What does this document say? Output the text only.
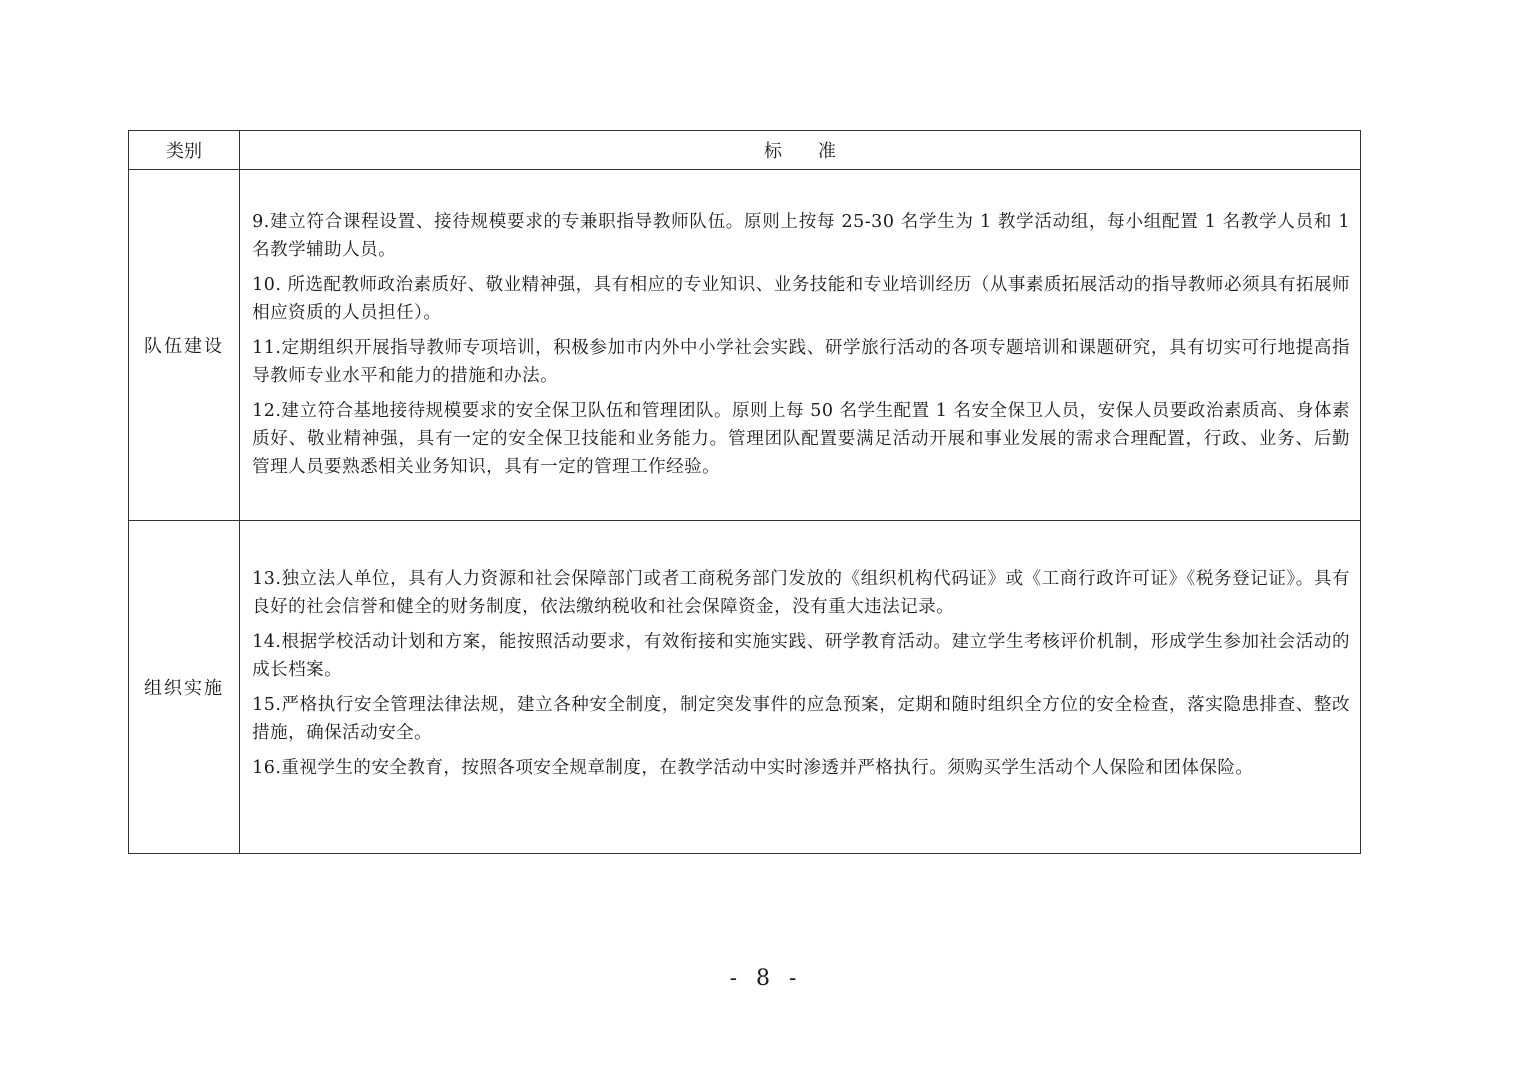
类别	标　　准
队伍建设	9.建立符合课程设置、接待规模要求的专兼职指导教师队伍。原则上按每 25-30 名学生为 1 教学活动组，每小组配置 1 名教学人员和 1 名教学辅助人员。

10. 所选配教师政治素质好、敬业精神强，具有相应的专业知识、业务技能和专业培训经历（从事素质拓展活动的指导教师必须具有拓展师相应资质的人员担任）。

11.定期组织开展指导教师专项培训，积极参加市内外中小学社会实践、研学旅行活动的各项专题培训和课题研究，具有切实可行地提高指导教师专业水平和能力的措施和办法。

12.建立符合基地接待规模要求的安全保卫队伍和管理团队。原则上每 50 名学生配置 1 名安全保卫人员，安保人员要政治素质高、身体素质好、敬业精神强，具有一定的安全保卫技能和业务能力。管理团队配置要满足活动开展和事业发展的需求合理配置，行政、业务、后勤管理人员要熟悉相关业务知识，具有一定的管理工作经验。

组织实施	13.独立法人单位，具有人力资源和社会保障部门或者工商税务部门发放的《组织机构代码证》或《工商行政许可证》《税务登记证》。具有良好的社会信誉和健全的财务制度，依法缴纳税收和社会保障资金，没有重大违法记录。

14.根据学校活动计划和方案，能按照活动要求，有效衔接和实施实践、研学教育活动。建立学生考核评价机制，形成学生参加社会活动的成长档案。

15.严格执行安全管理法律法规，建立各种安全制度，制定突发事件的应急预案，定期和随时组织全方位的安全检查，落实隐患排查、整改措施，确保活动安全。

16.重视学生的安全教育，按照各项安全规章制度，在教学活动中实时渗透并严格执行。须购买学生活动个人保险和团体保险。

- 8 -
